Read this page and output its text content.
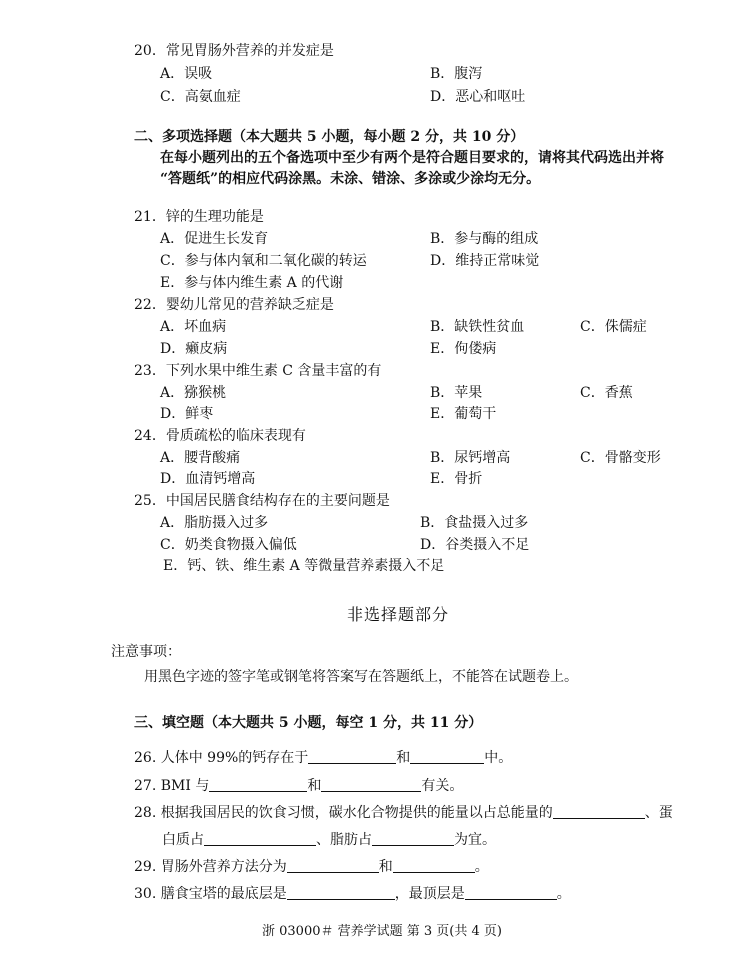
20．常见胃肠外营养的并发症是
A．误吸	B．腹泻
C．高氨血症	D．恶心和呕吐
二、多项选择题（本大题共 5 小题，每小题 2 分，共 10 分）
在每小题列出的五个备选项中至少有两个是符合题目要求的，请将其代码选出并将
“答题纸”的相应代码涂黑。未涂、错涂、多涂或少涂均无分。
21．锌的生理功能是
A．促进生长发育	B．参与酶的组成
C．参与体内氧和二氧化碳的转运	D．维持正常味觉
E．参与体内维生素 A 的代谢
22．婴幼儿常见的营养缺乏症是
A．坏血病	B．缺铁性贫血	C．侏儒症
D．癞皮病	E．佝偻病
23．下列水果中维生素 C 含量丰富的有
A．猕猴桃	B．苹果	C．香蕉
D．鲜枣	E．葡萄干
24．骨质疏松的临床表现有
A．腰背酸痛	B．尿钙增高	C．骨骼变形
D．血清钙增高	E．骨折
25．中国居民膳食结构存在的主要问题是
A．脂肪摄入过多	B．食盐摄入过多
C．奶类食物摄入偏低	D．谷类摄入不足
E．钙、铁、维生素 A 等微量营养素摄入不足
非选择题部分
注意事项：
用黑色字迹的签字笔或钢笔将答案写在答题纸上，不能答在试题卷上。
三、填空题（本大题共 5 小题，每空 1 分，共 11 分）
26. 人体中 99%的钙存在于	和	中。
27. BMI 与	和	有关。
28. 根据我国居民的饮食习惯，碳水化合物提供的能量以占总能量的	、蛋
白质占	、脂肪占	为宜。
29. 胃肠外营养方法分为	和	。
30. 膳食宝塔的最底层是	，最顶层是	。
浙 03000＃ 营养学试题 第 3 页(共 4 页)
